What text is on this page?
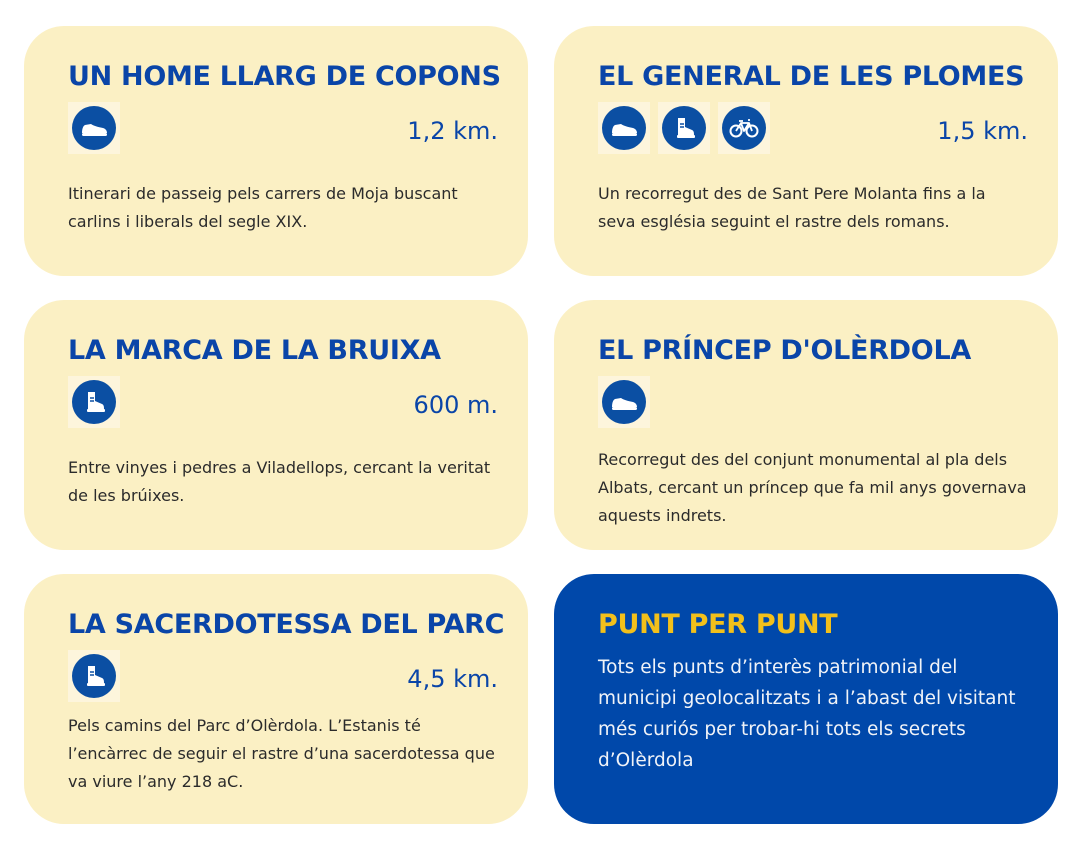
UN HOME LLARG DE COPONS
1,2 km.

Itinerari de passeig pels carrers de Moja buscant carlins i liberals del segle XIX.

EL GENERAL DE LES PLOMES
1,5 km.

Un recorregut des de Sant Pere Molanta fins a la seva església seguint el rastre dels romans.

LA MARCA DE LA BRUIXA
600 m.

Entre vinyes i pedres a Viladellops, cercant la veritat de les brúixes.

EL PRÍNCEP D'OLÈRDOLA

Recorregut des del conjunt monumental al pla dels Albats, cercant un príncep que fa mil anys governava aquests indrets.

LA SACERDOTESSA DEL PARC
4,5 km.

Pels camins del Parc d’Olèrdola. L’Estanis té l’encàrrec de seguir el rastre d’una sacerdotessa que va viure l’any 218 aC.

PUNT PER PUNT

Tots els punts d’interès patrimonial del municipi geolocalitzats i a l’abast del visitant més curiós per trobar-hi tots els secrets d’Olèrdola
